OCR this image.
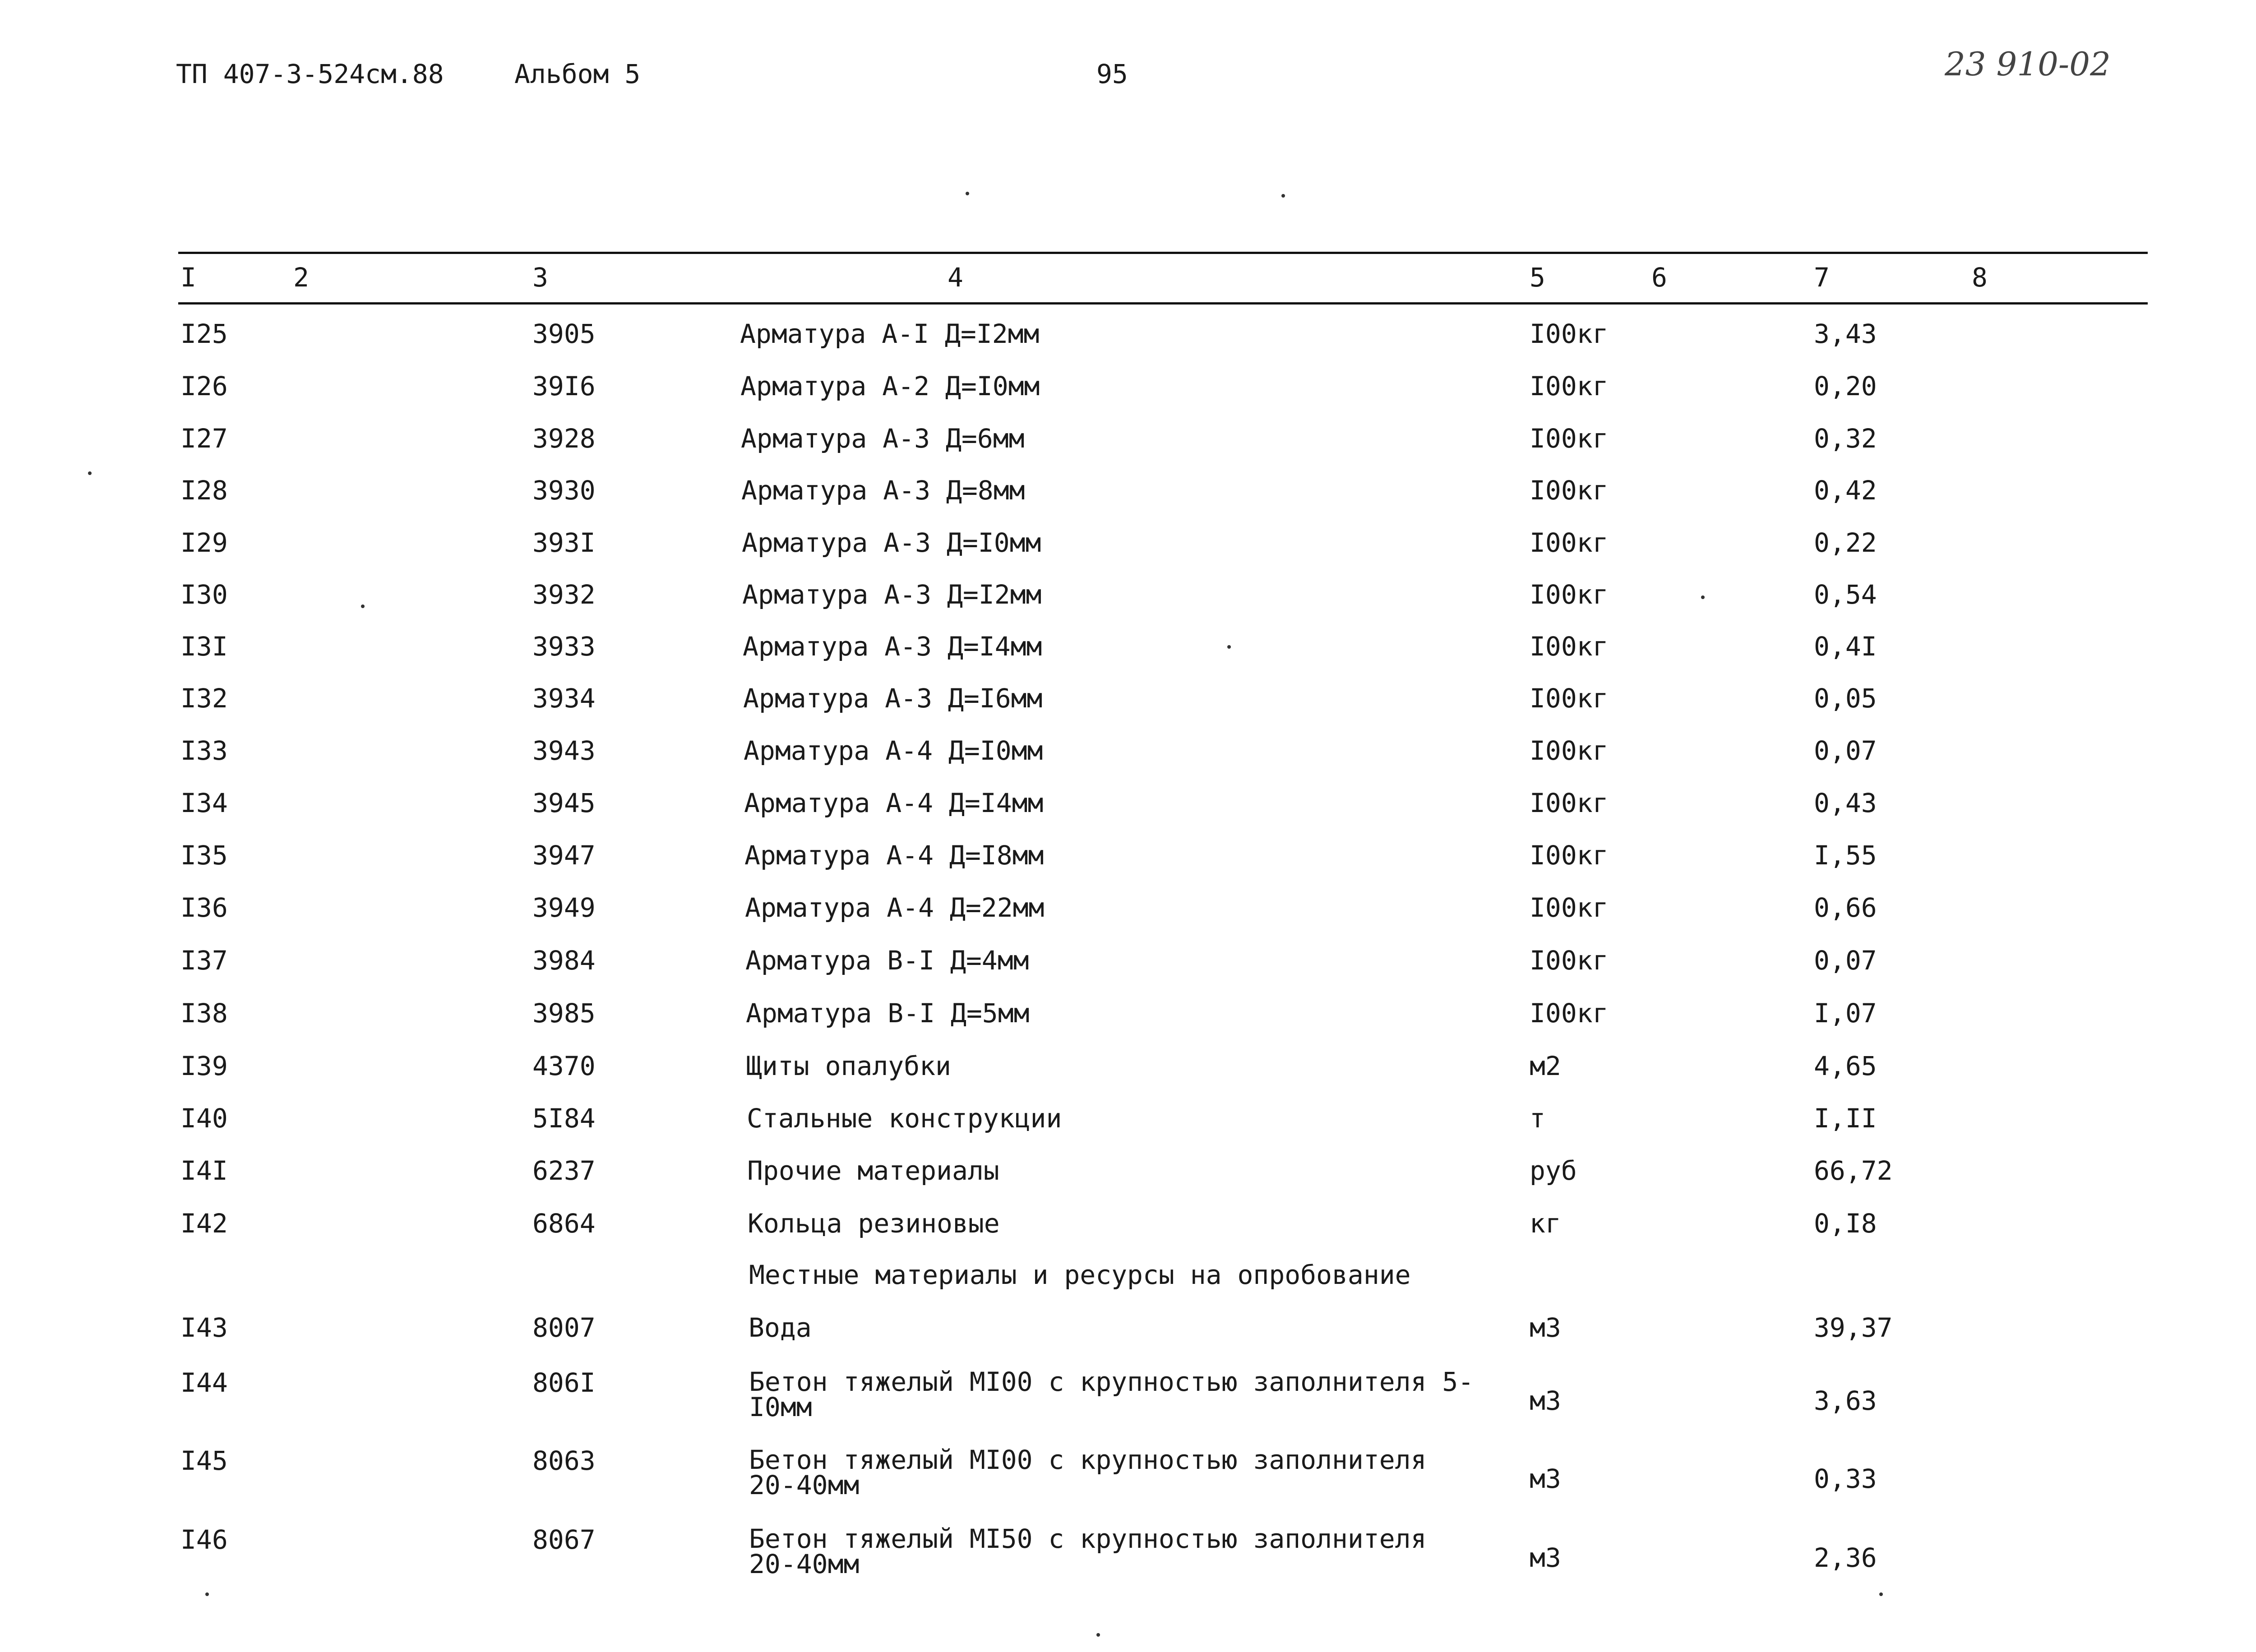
ТП 407-3-524см.88	Альбом 5	95	23 910-02
I	2	3	4	5	6	7	8
I25	3905	Арматура А-I Д=I2мм	I00кг	3,43
I26	39I6	Арматура А-2 Д=I0мм	I00кг	0,20
I27	3928	Арматура А-3 Д=6мм	I00кг	0,32
I28	3930	Арматура А-3 Д=8мм	I00кг	0,42
I29	393I	Арматура А-3 Д=I0мм	I00кг	0,22
I30	3932	Арматура А-3 Д=I2мм	I00кг	0,54
I3I	3933	Арматура А-3 Д=I4мм	I00кг	0,4I
I32	3934	Арматура А-3 Д=I6мм	I00кг	0,05
I33	3943	Арматура А-4 Д=I0мм	I00кг	0,07
I34	3945	Арматура А-4 Д=I4мм	I00кг	0,43
I35	3947	Арматура А-4 Д=I8мм	I00кг	I,55
I36	3949	Арматура А-4 Д=22мм	I00кг	0,66
I37	3984	Арматура В-I Д=4мм	I00кг	0,07
I38	3985	Арматура В-I Д=5мм	I00кг	I,07
I39	4370	Щиты опалубки	м2	4,65
I40	5I84	Стальные конструкции	т	I,II
I4I	6237	Прочие материалы	руб	66,72
I42	6864	Кольца резиновые	кг	0,I8
Местные материалы и ресурсы на опробование
I43	8007	Вода	м3	39,37
I44	806I	Бетон тяжелый MI00 с крупностью заполнителя 5-I0мм	м3	3,63
I45	8063	Бетон тяжелый MI00 с крупностью заполнителя 20-40мм	м3	0,33
I46	8067	Бетон тяжелый MI50 с крупностью заполнителя 20-40мм	м3	2,36
